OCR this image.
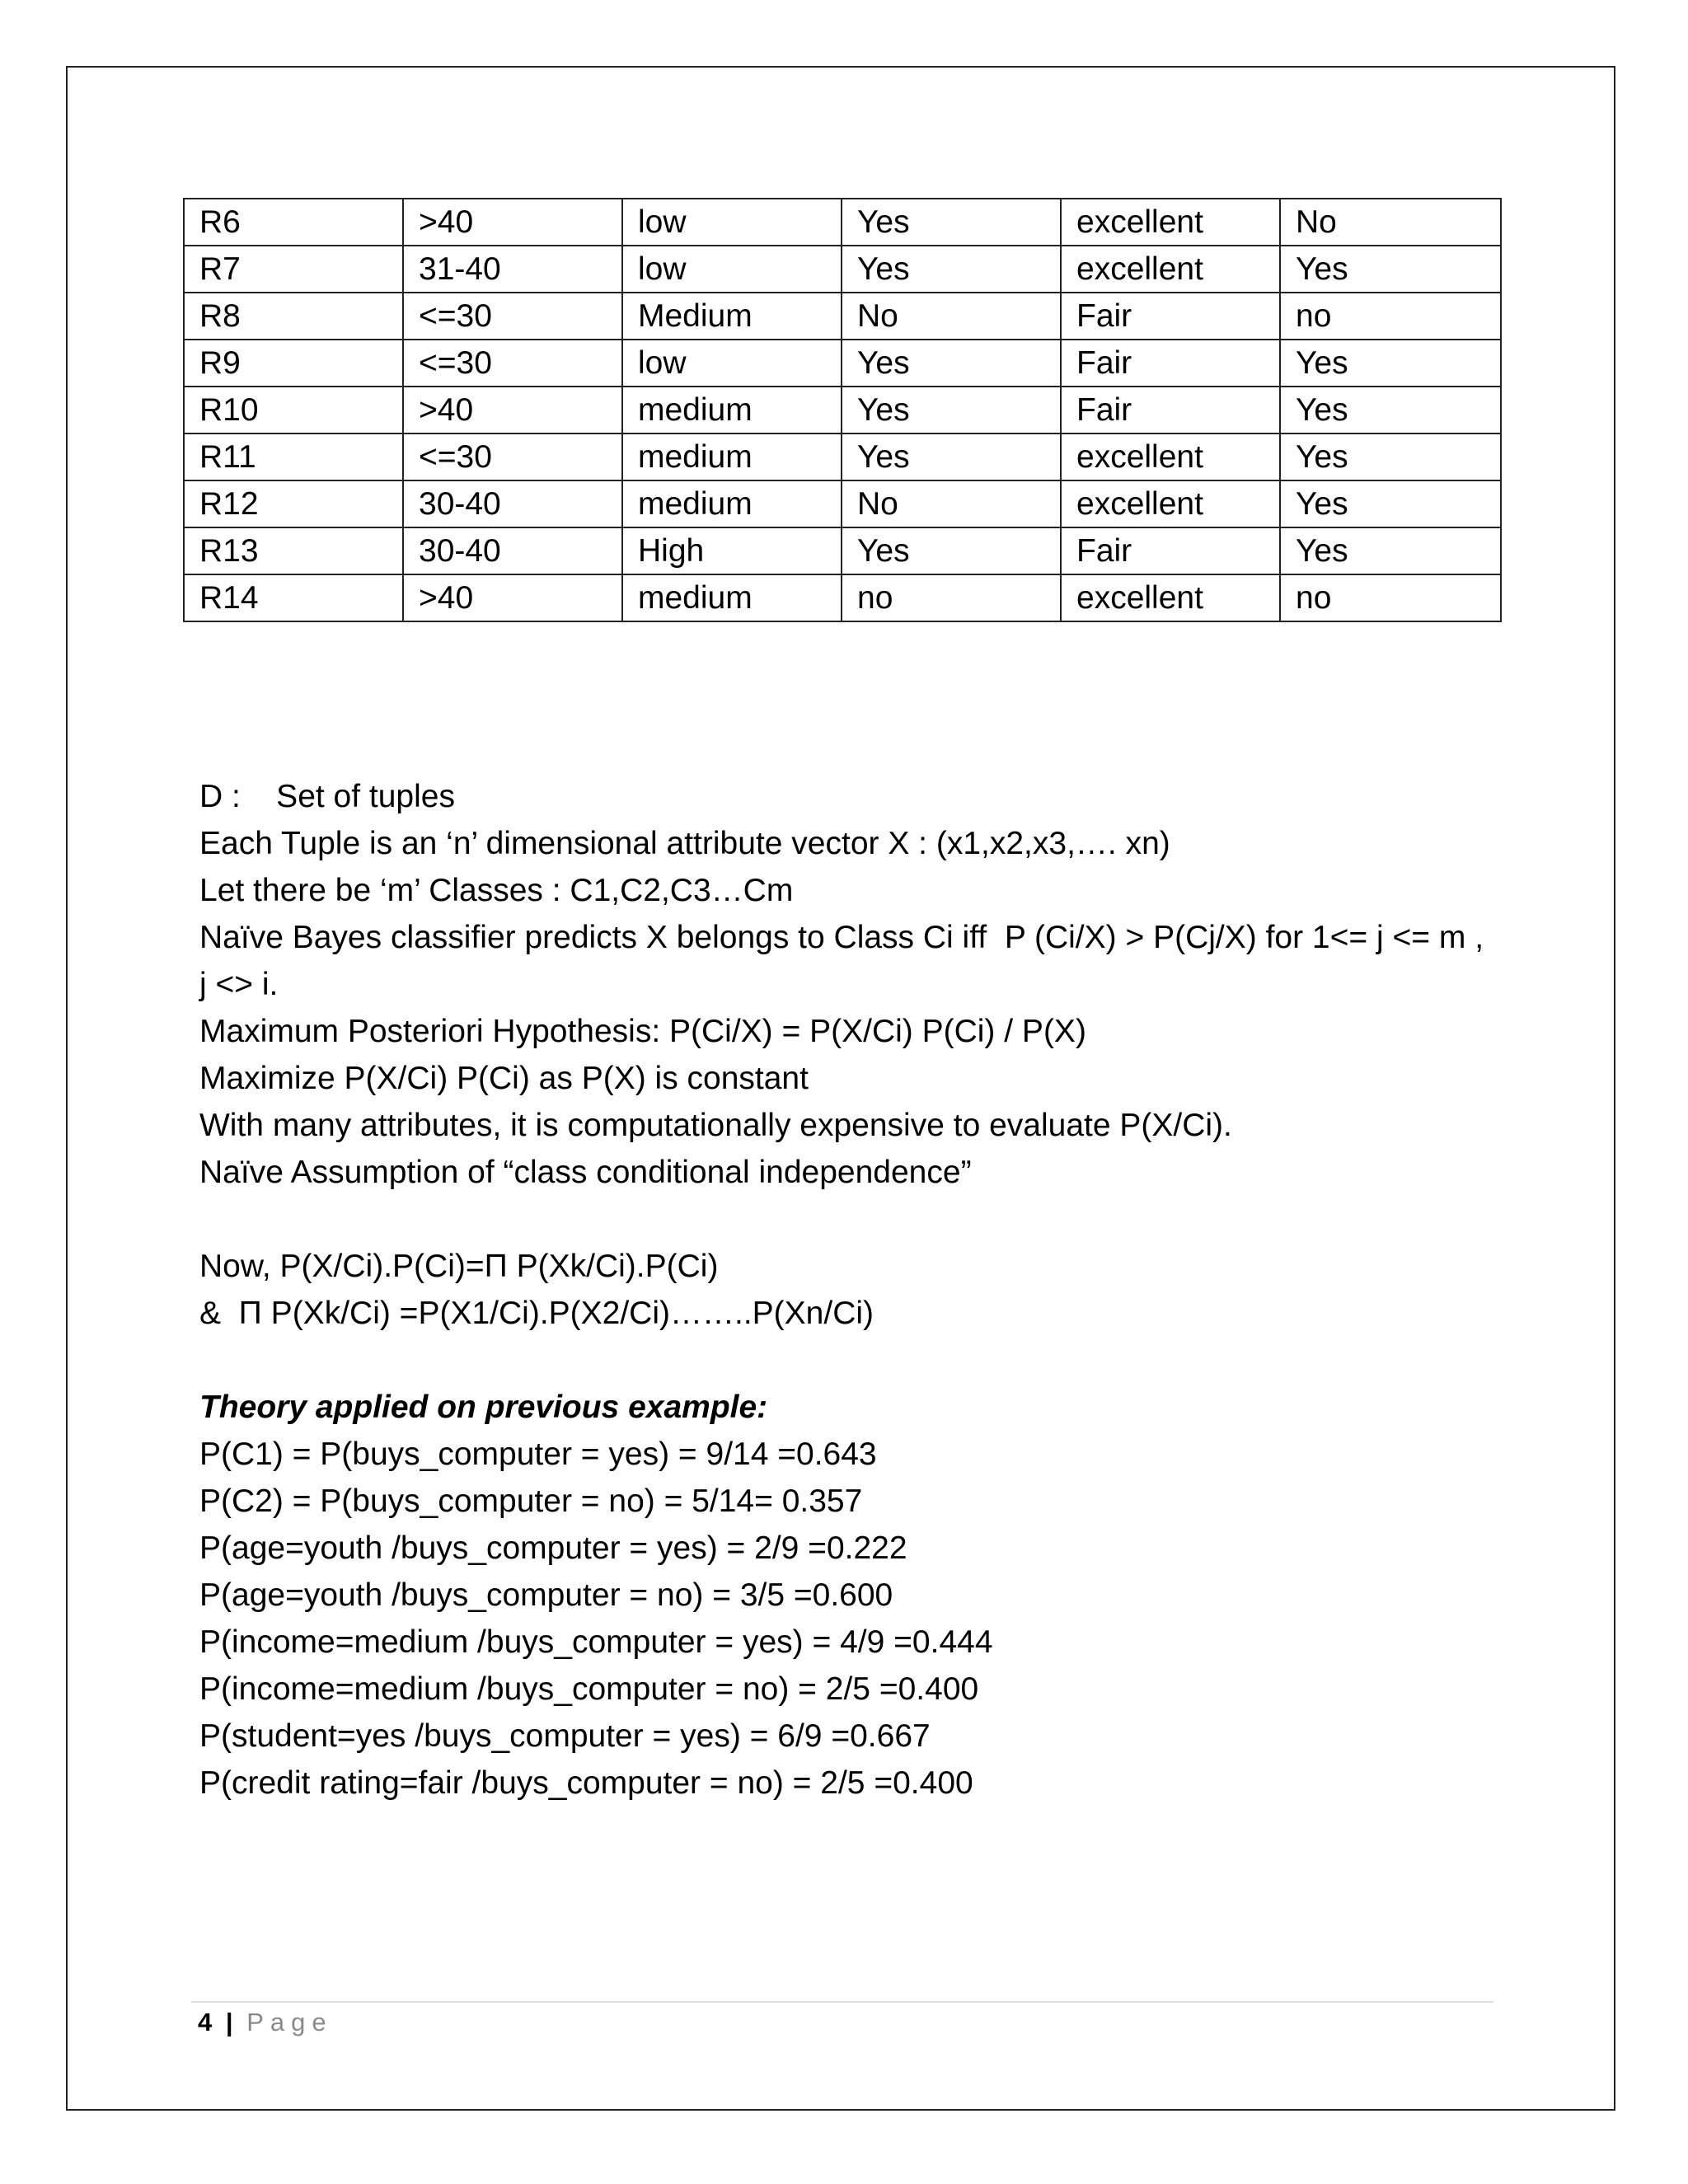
R6	>40	low	Yes	excellent	No
R7	31-40	low	Yes	excellent	Yes
R8	<=30	Medium	No	Fair	no
R9	<=30	low	Yes	Fair	Yes
R10	>40	medium	Yes	Fair	Yes
R11	<=30	medium	Yes	excellent	Yes
R12	30-40	medium	No	excellent	Yes
R13	30-40	High	Yes	Fair	Yes
R14	>40	medium	no	excellent	no
D :    Set of tuples
Each Tuple is an ‘n’ dimensional attribute vector X : (x1,x2,x3,…. xn)
Let there be ‘m’ Classes : C1,C2,C3…Cm
Naïve Bayes classifier predicts X belongs to Class Ci iff  P (Ci/X) > P(Cj/X) for 1<= j <= m , j <> i.
Maximum Posteriori Hypothesis: P(Ci/X) = P(X/Ci) P(Ci) / P(X)
Maximize P(X/Ci) P(Ci) as P(X) is constant
With many attributes, it is computationally expensive to evaluate P(X/Ci).
Naïve Assumption of “class conditional independence”
Now, P(X/Ci).P(Ci)=Π P(Xk/Ci).P(Ci)
&  Π P(Xk/Ci) =P(X1/Ci).P(X2/Ci)……..P(Xn/Ci)
Theory applied on previous example:
P(C1) = P(buys_computer = yes) = 9/14 =0.643
P(C2) = P(buys_computer = no) = 5/14= 0.357
P(age=youth /buys_computer = yes) = 2/9 =0.222
P(age=youth /buys_computer = no) = 3/5 =0.600
P(income=medium /buys_computer = yes) = 4/9 =0.444
P(income=medium /buys_computer = no) = 2/5 =0.400
P(student=yes /buys_computer = yes) = 6/9 =0.667
P(credit rating=fair /buys_computer = no) = 2/5 =0.400
4 | Page
